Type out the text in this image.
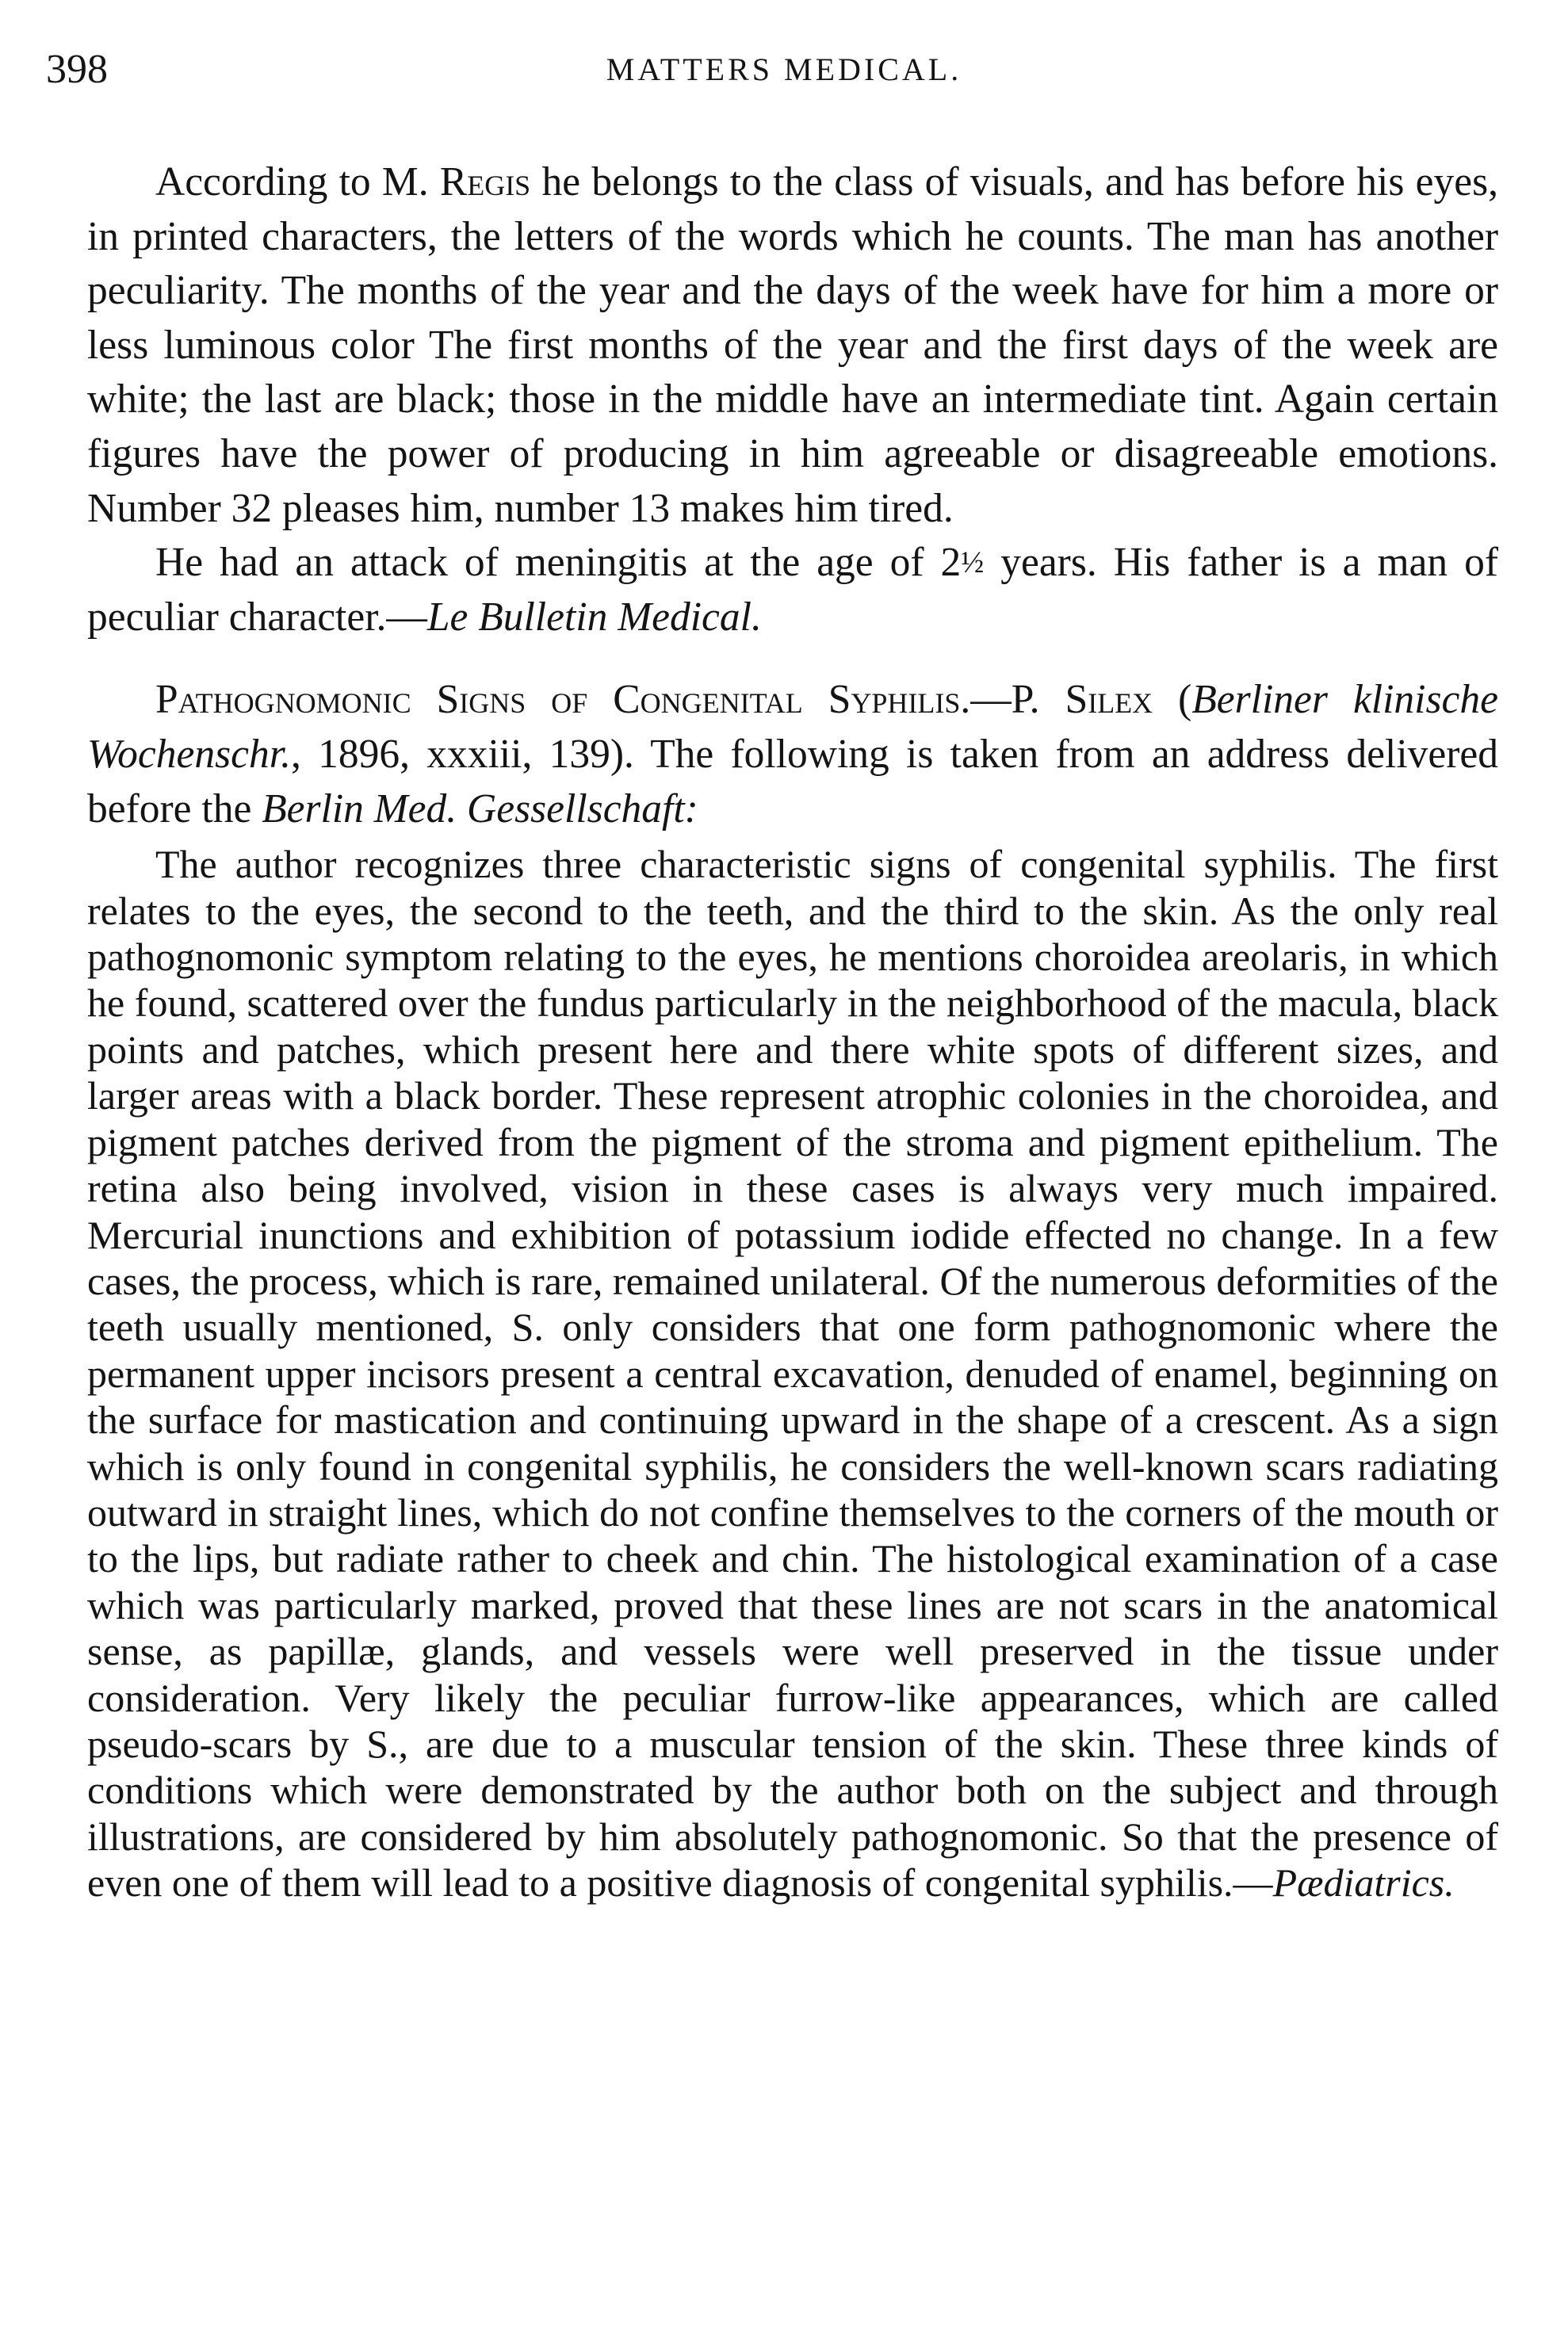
398	MATTERS MEDICAL.

According to M. Regis he belongs to the class of visuals, and has before his eyes, in printed characters, the letters of the words which he counts. The man has another peculiarity. The months of the year and the days of the week have for him a more or less luminous color The first months of the year and the first days of the week are white; the last are black; those in the middle have an intermediate tint. Again certain figures have the power of producing in him agreeable or disagreeable emotions. Number 32 pleases him, number 13 makes him tired.

He had an attack of meningitis at the age of 2½ years. His father is a man of peculiar character.—Le Bulletin Medical.

Pathognomonic Signs of Congenital Syphilis.—P. Silex (Berliner klinische Wochenschr., 1896, xxxiii, 139). The following is taken from an address delivered before the Berlin Med. Gessellschaft:

The author recognizes three characteristic signs of congenital syphilis. The first relates to the eyes, the second to the teeth, and the third to the skin. As the only real pathognomonic symptom relating to the eyes, he mentions choroidea areolaris, in which he found, scattered over the fundus particularly in the neighborhood of the macula, black points and patches, which present here and there white spots of different sizes, and larger areas with a black border. These represent atrophic colonies in the choroidea, and pigment patches derived from the pigment of the stroma and pigment epithelium. The retina also being involved, vision in these cases is always very much impaired. Mercurial inunctions and exhibition of potassium iodide effected no change. In a few cases, the process, which is rare, remained unilateral. Of the numerous deformities of the teeth usually mentioned, S. only considers that one form pathognomonic where the permanent upper incisors present a central excavation, denuded of enamel, beginning on the surface for mastication and continuing upward in the shape of a crescent. As a sign which is only found in congenital syphilis, he considers the well-known scars radiating outward in straight lines, which do not confine themselves to the corners of the mouth or to the lips, but radiate rather to cheek and chin. The histological examination of a case which was particularly marked, proved that these lines are not scars in the anatomical sense, as papillæ, glands, and vessels were well preserved in the tissue under consideration. Very likely the peculiar furrow-like appearances, which are called pseudo-scars by S., are due to a muscular tension of the skin. These three kinds of conditions which were demonstrated by the author both on the subject and through illustrations, are considered by him absolutely pathognomonic. So that the presence of even one of them will lead to a positive diagnosis of congenital syphilis.—Pædiatrics.
